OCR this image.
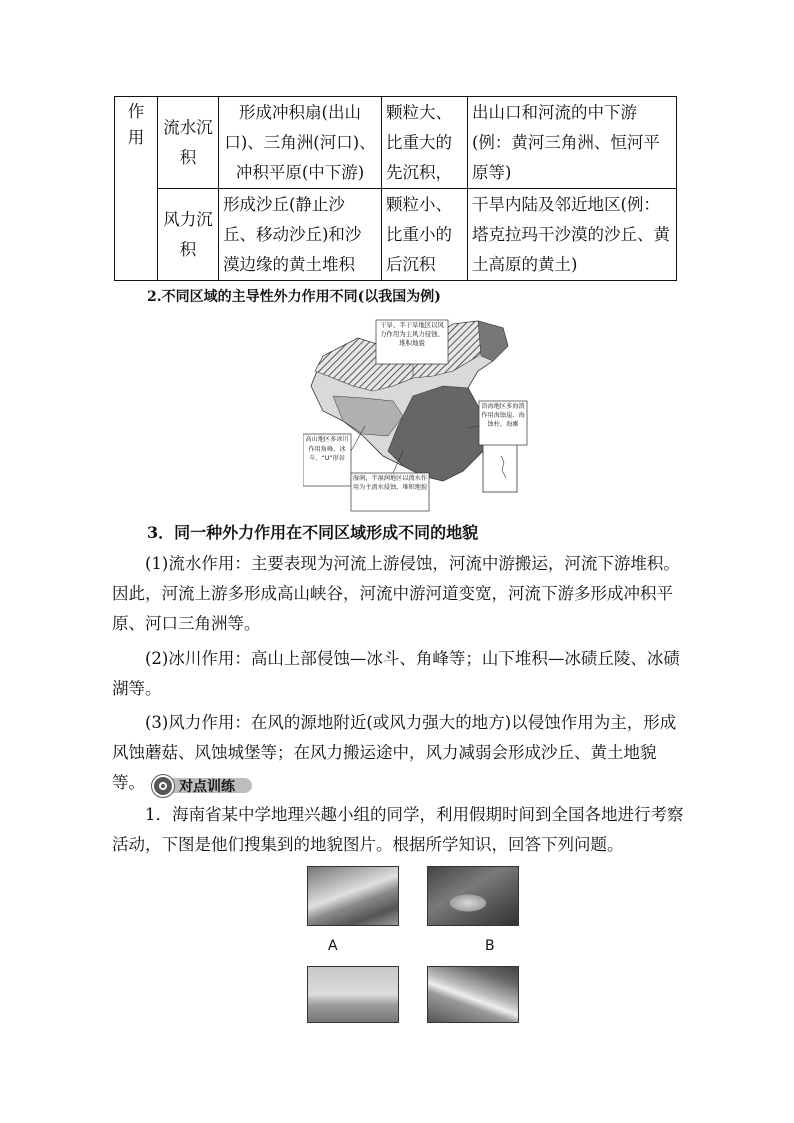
作用	流水沉积	形成冲积扇(出山口)、三角洲(河口)、冲积平原(中下游)	颗粒大、比重大的先沉积，	出山口和河流的中下游(例：黄河三角洲、恒河平原等)
	风力沉积	形成沙丘(静止沙丘、移动沙丘)和沙漠边缘的黄土堆积	颗粒小、比重小的后沉积	干旱内陆及邻近地区(例：塔克拉玛干沙漠的沙丘、黄土高原的黄土)
2.不同区域的主导性外力作用不同(以我国为例)
干旱、半干旱地区以风力作用为主风力侵蚀、堆积地貌
沿海地区多海浪作用海蚀崖、海蚀柱、海滩
高山地区多冰川作用角峰、冰斗、“U”形谷
湿润、半湿润地区以流水作用为主流水侵蚀、堆积地貌
3．同一种外力作用在不同区域形成不同的地貌
(1)流水作用：主要表现为河流上游侵蚀，河流中游搬运，河流下游堆积。因此，河流上游多形成高山峡谷，河流中游河道变宽，河流下游多形成冲积平原、河口三角洲等。
(2)冰川作用：高山上部侵蚀—冰斗、角峰等；山下堆积—冰碛丘陵、冰碛湖等。
(3)风力作用：在风的源地附近(或风力强大的地方)以侵蚀作用为主，形成风蚀蘑菇、风蚀城堡等；在风力搬运途中，风力减弱会形成沙丘、黄土地貌等。	对点训练
1．海南省某中学地理兴趣小组的同学，利用假期时间到全国各地进行考察活动，下图是他们搜集到的地貌图片。根据所学知识，回答下列问题。
A	B
